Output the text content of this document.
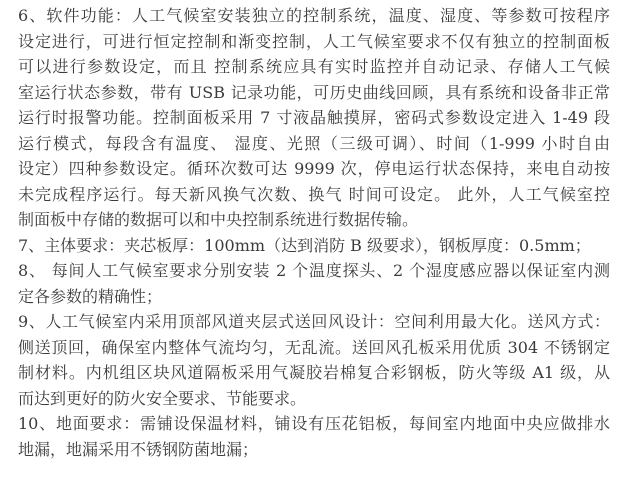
6、软件功能：人工气候室安装独立的控制系统，温度、湿度、等参数可按程序
设定进行，可进行恒定控制和渐变控制，人工气候室要求不仅有独立的控制面板
可以进行参数设定，而且 控制系统应具有实时监控并自动记录、存储人工气候
室运行状态参数，带有 USB 记录功能，可历史曲线回顾，具有系统和设备非正常
运行时报警功能。控制面板采用 7 寸液晶触摸屏，密码式参数设定进入 1-49 段
运行模式，每段含有温度、 湿度、光照（三级可调）、时间（1-999 小时自由
设定）四种参数设定。循环次数可达 9999 次，停电运行状态保持，来电自动按
未完成程序运行。每天新风换气次数、换气 时间可设定。 此外，人工气候室控
制面板中存储的数据可以和中央控制系统进行数据传输。
7、主体要求：夹芯板厚：100mm（达到消防 B 级要求），钢板厚度：0.5mm；
8、 每间人工气候室要求分别安装 2 个温度探头、2 个湿度感应器以保证室内测
定各参数的精确性；
9、人工气候室内采用顶部风道夹层式送回风设计：空间利用最大化。送风方式：
侧送顶回，确保室内整体气流均匀，无乱流。送回风孔板采用优质 304 不锈钢定
制材料。内机组区块风道隔板采用气凝胶岩棉复合彩钢板，防火等级 A1 级，从
而达到更好的防火安全要求、节能要求。
10、地面要求：需铺设保温材料，铺设有压花铝板，每间室内地面中央应做排水
地漏，地漏采用不锈钢防菌地漏；
